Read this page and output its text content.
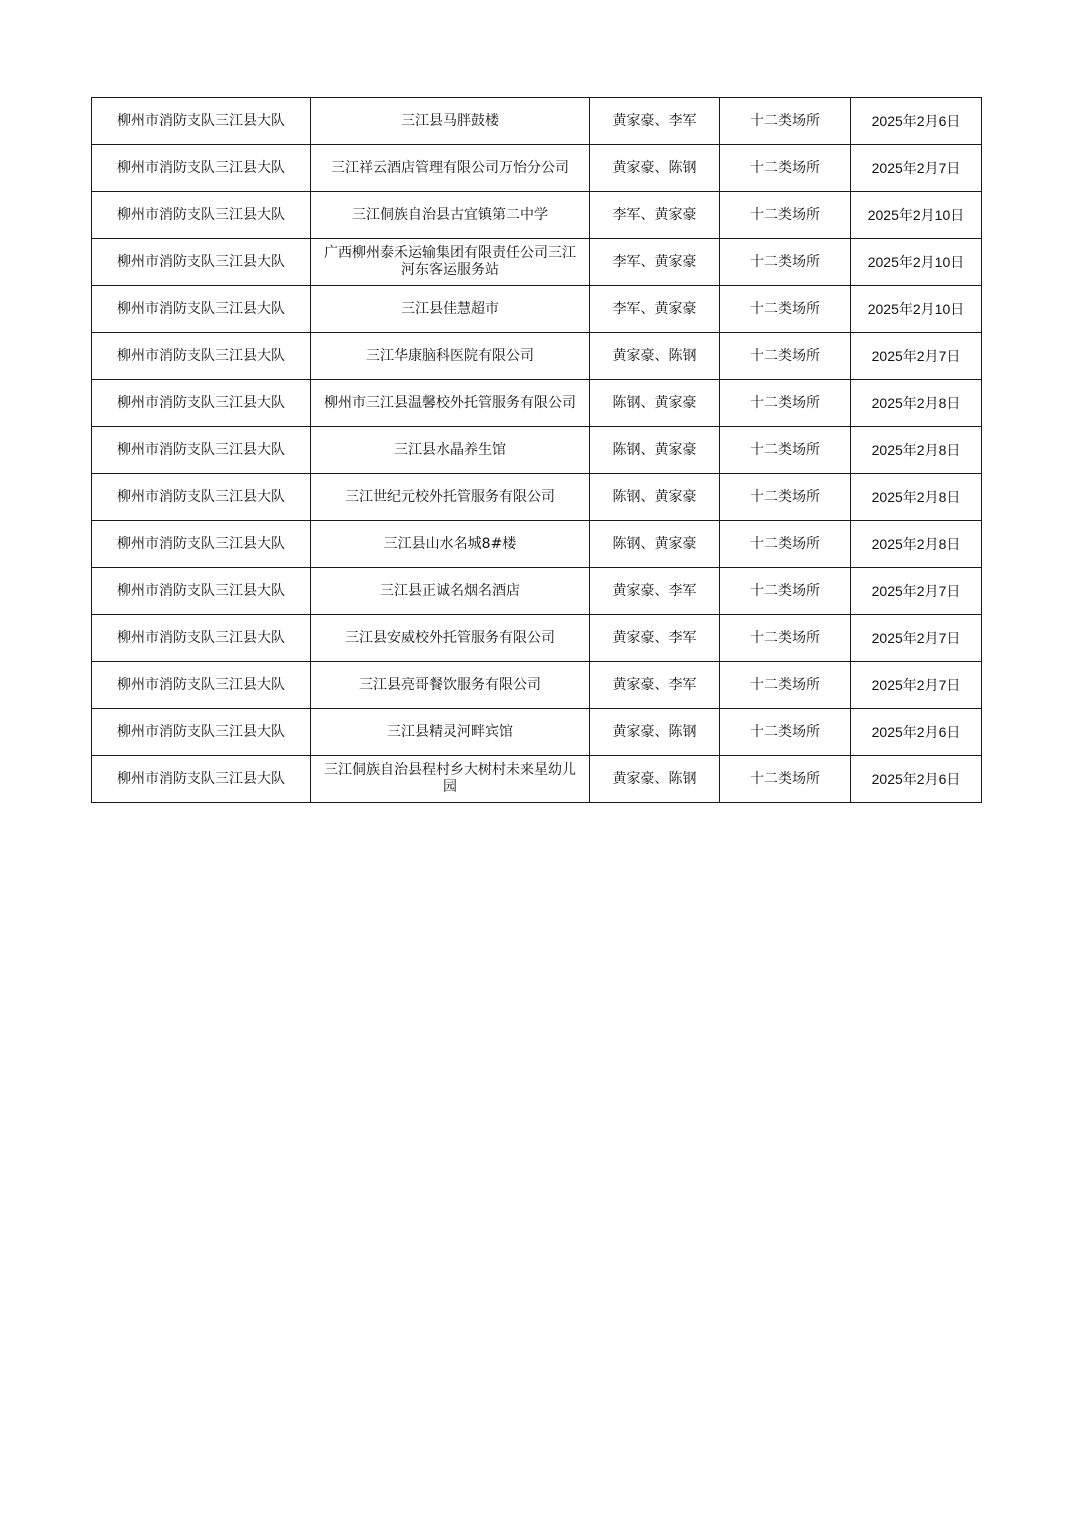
柳州市消防支队三江县大队	三江县马胖鼓楼	黄家豪、李军	十二类场所	2025年2月6日
柳州市消防支队三江县大队	三江祥云酒店管理有限公司万怡分公司	黄家豪、陈钢	十二类场所	2025年2月7日
柳州市消防支队三江县大队	三江侗族自治县古宜镇第二中学	李军、黄家豪	十二类场所	2025年2月10日
柳州市消防支队三江县大队	广西柳州泰禾运输集团有限责任公司三江河东客运服务站	李军、黄家豪	十二类场所	2025年2月10日
柳州市消防支队三江县大队	三江县佳慧超市	李军、黄家豪	十二类场所	2025年2月10日
柳州市消防支队三江县大队	三江华康脑科医院有限公司	黄家豪、陈钢	十二类场所	2025年2月7日
柳州市消防支队三江县大队	柳州市三江县温馨校外托管服务有限公司	陈钢、黄家豪	十二类场所	2025年2月8日
柳州市消防支队三江县大队	三江县水晶养生馆	陈钢、黄家豪	十二类场所	2025年2月8日
柳州市消防支队三江县大队	三江世纪元校外托管服务有限公司	陈钢、黄家豪	十二类场所	2025年2月8日
柳州市消防支队三江县大队	三江县山水名城8#楼	陈钢、黄家豪	十二类场所	2025年2月8日
柳州市消防支队三江县大队	三江县正诚名烟名酒店	黄家豪、李军	十二类场所	2025年2月7日
柳州市消防支队三江县大队	三江县安威校外托管服务有限公司	黄家豪、李军	十二类场所	2025年2月7日
柳州市消防支队三江县大队	三江县亮哥餐饮服务有限公司	黄家豪、李军	十二类场所	2025年2月7日
柳州市消防支队三江县大队	三江县精灵河畔宾馆	黄家豪、陈钢	十二类场所	2025年2月6日
柳州市消防支队三江县大队	三江侗族自治县程村乡大树村未来星幼儿园	黄家豪、陈钢	十二类场所	2025年2月6日
